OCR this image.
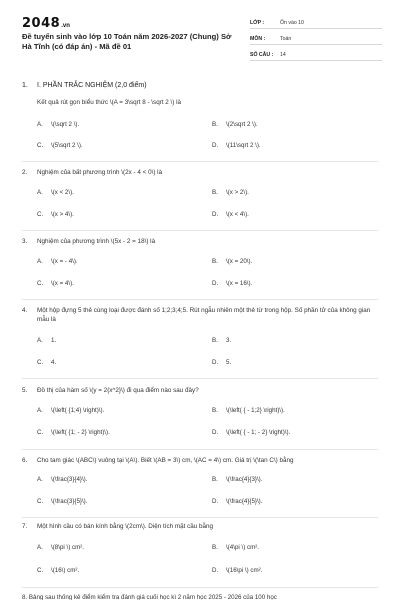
2048.vn
Đề tuyển sinh vào lớp 10 Toán năm 2026-2027 (Chung) Sở Hà Tĩnh (có đáp án) - Mã đề 01
LỚP :	Ôn vào 10
MÔN :	Toán
SỐ CÂU :	14
1. I. PHẦN TRẮC NGHIỆM (2,0 điểm)
Kết quả rút gọn biểu thức \(A = 3\sqrt 8 - \sqrt 2 \) là
A. \(\sqrt 2 \).	B. \(2\sqrt 2 \).
C. \(5\sqrt 2 \).	D. \(11\sqrt 2 \).
2. Nghiệm của bất phương trình \(2x - 4 < 0\) là
A. \(x < 2\).	B. \(x > 2\).
C. \(x > 4\).	D. \(x < 4\).
3. Nghiệm của phương trình \(5x - 2 = 18\) là
A. \(x = - 4\).	B. \(x = 20\).
C. \(x = 4\).	D. \(x = 16\).
4. Một hộp đựng 5 thẻ cùng loại được đánh số 1;2;3;4;5. Rút ngẫu nhiên một thẻ từ trong hộp. Số phần tử của không gian mẫu là
A. 1.	B. 3.
C. 4.	D. 5.
5. Đồ thị của hàm số \(y = 2{x^2}\) đi qua điểm nào sau đây?
A. \(\left( {1;4} \right)\).	B. \(\left( { - 1;2} \right)\).
C. \(\left( {1; - 2} \right)\).	D. \(\left( { - 1; - 2} \right)\).
6. Cho tam giác \(ABC\) vuông tại \(A\). Biết \(AB = 3\) cm, \(AC = 4\) cm. Giá trị \(\tan C\) bằng
A. \(\frac{3}{4}\).	B. \(\frac{4}{3}\).
C. \(\frac{3}{5}\).	D. \(\frac{4}{5}\).
7. Một hình cầu có bán kính bằng \(2cm\). Diện tích mặt cầu bằng
A. \(8\pi \) cm².	B. \(4\pi \) cm².
C. \(16\) cm².	D. \(16\pi \) cm².
8. Bảng sau thống kê điểm kiểm tra đánh giá cuối học kì 2 năm học 2025 - 2026 của 100 học
